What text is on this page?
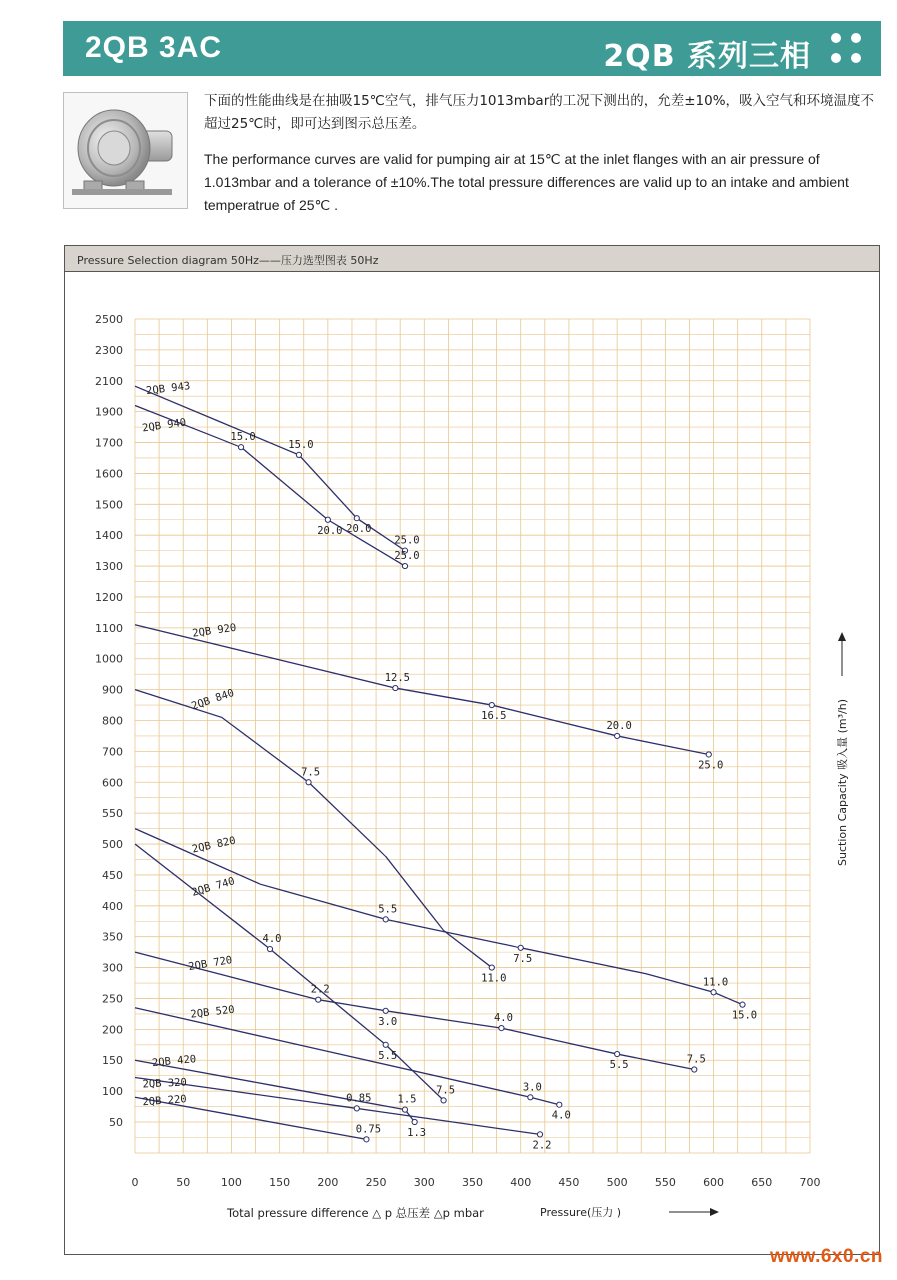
2QB 3AC	2QB 系列三相

下面的性能曲线是在抽吸15℃空气，排气压力1013mbar的工况下测出的，允差±10%，吸入空气和环境温度不超过25℃时，即可达到图示总压差。

The performance curves are valid for pumping air at 15℃ at the inlet flanges with an air pressure of 1.013mbar and a tolerance of ±10%.The total pressure differences are valid up to an intake and ambient temperatrue of 25℃ .

Pressure Selection diagram 50Hz——压力选型图表 50Hz
50
100
150
200
250
300
350
400
450
500
550
600
700
800
900
1000
1100
1200
1300
1400
1500
1600
1700
1900
2100
2300
2500
0	50	100 150 200 250 300 350 400 450 500 550 600 650 700
Total pressure difference △ p 总压差 △p mbar	Pressure(压力 )
Suction Capacity 吸入量 (m³/h)
2QB 943
15.0
20.0
25.0
2QB 940
15.0
20.0
25.0
2QB 920
12.5
16.5
20.0
25.0
2QB 840
7.5
11.0
2QB 820
5.5
7.5
11.0
15.0
2QB 740
4.0
5.5
7.5
2QB 720
2.2
3.0	4.0
5.5	7.5
2QB 520
3.0
4.0
2QB 420
1.5
1.3
2QB 320
0.85
2.2
2QB 220
0.75
www.6x0.cn
